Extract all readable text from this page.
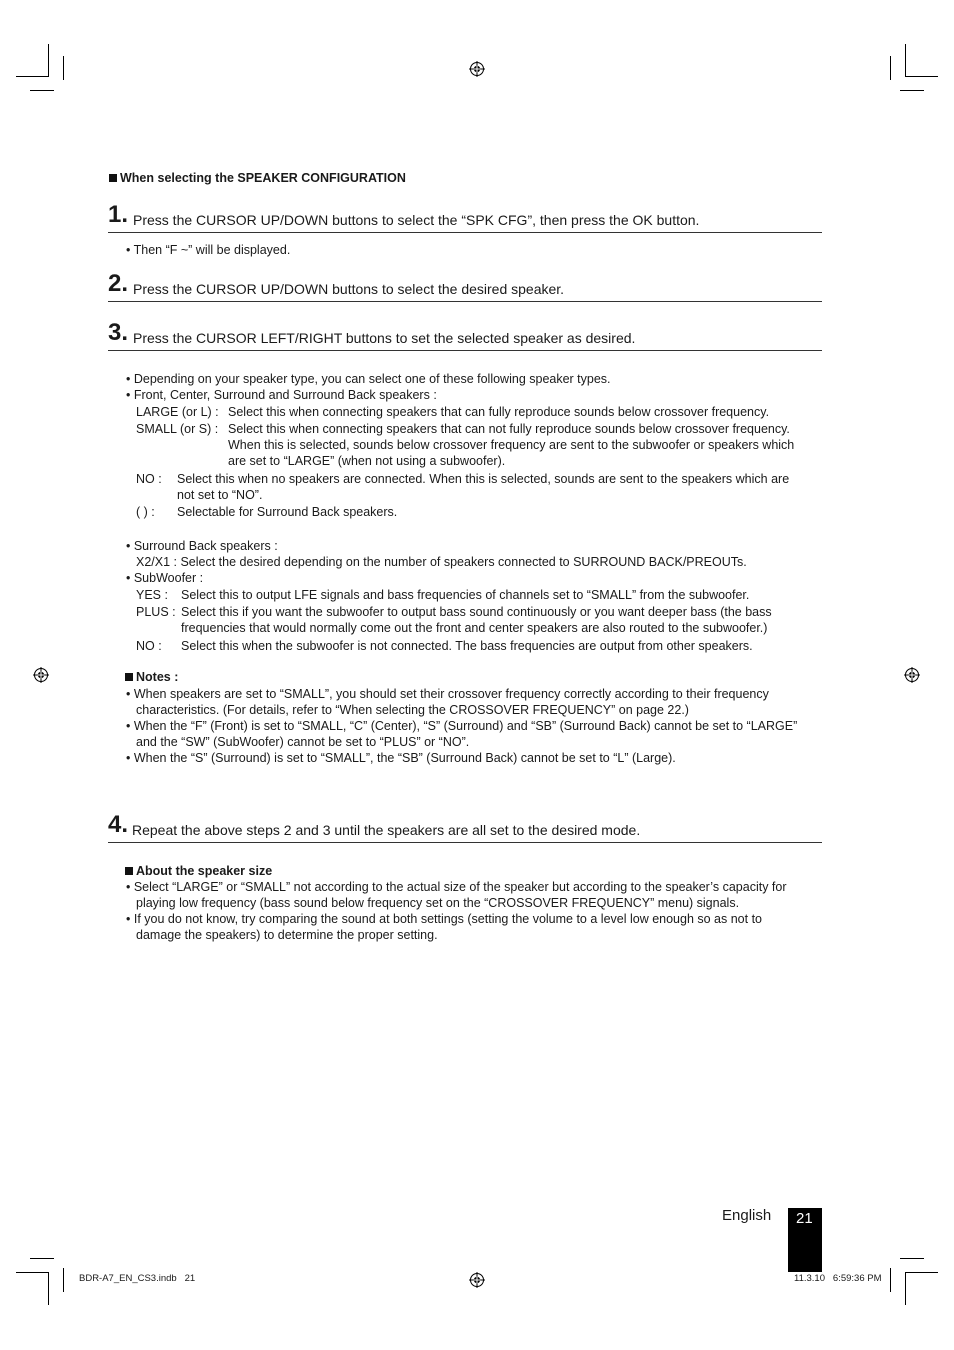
When selecting the SPEAKER CONFIGURATION
1. Press the CURSOR UP/DOWN buttons to select the “SPK CFG”, then press the OK button.
• Then “F ~” will be displayed.
2. Press the CURSOR UP/DOWN buttons to select the desired speaker.
3. Press the CURSOR LEFT/RIGHT buttons to set the selected speaker as desired.
• Depending on your speaker type, you can select one of these following speaker types.
• Front, Center, Surround and Surround Back speakers :
LARGE (or L) : Select this when connecting speakers that can fully reproduce sounds below crossover frequency.
SMALL (or S) : Select this when connecting speakers that can not fully reproduce sounds below crossover frequency.
When this is selected, sounds below crossover frequency are sent to the subwoofer or speakers which
are set to “LARGE” (when not using a subwoofer).
NO : Select this when no speakers are connected. When this is selected, sounds are sent to the speakers which are
not set to “NO”.
( ) : Selectable for Surround Back speakers.
• Surround Back speakers :
X2/X1 : Select the desired depending on the number of speakers connected to SURROUND BACK/PREOUTs.
• SubWoofer :
YES : Select this to output LFE signals and bass frequencies of channels set to “SMALL” from the subwoofer.
PLUS : Select this if you want the subwoofer to output bass sound continuously or you want deeper bass (the bass
frequencies that would normally come out the front and center speakers are also routed to the subwoofer.)
NO : Select this when the subwoofer is not connected. The bass frequencies are output from other speakers.
Notes :
• When speakers are set to “SMALL”, you should set their crossover frequency correctly according to their frequency
characteristics. (For details, refer to “When selecting the CROSSOVER FREQUENCY” on page 22.)
• When the “F” (Front) is set to “SMALL, “C” (Center), “S” (Surround) and “SB” (Surround Back) cannot be set to “LARGE”
and the “SW” (SubWoofer) cannot be set to “PLUS” or “NO”.
• When the “S” (Surround) is set to “SMALL”, the “SB” (Surround Back) cannot be set to “L” (Large).
4. Repeat the above steps 2 and 3 until the speakers are all set to the desired mode.
About the speaker size
• Select “LARGE” or “SMALL” not according to the actual size of the speaker but according to the speaker’s capacity for
playing low frequency (bass sound below frequency set on the “CROSSOVER FREQUENCY” menu) signals.
• If you do not know, try comparing the sound at both settings (setting the volume to a level low enough so as not to
damage the speakers) to determine the proper setting.
English 21
BDR-A7_EN_CS3.indb   21	11.3.10   6:59:36 PM
